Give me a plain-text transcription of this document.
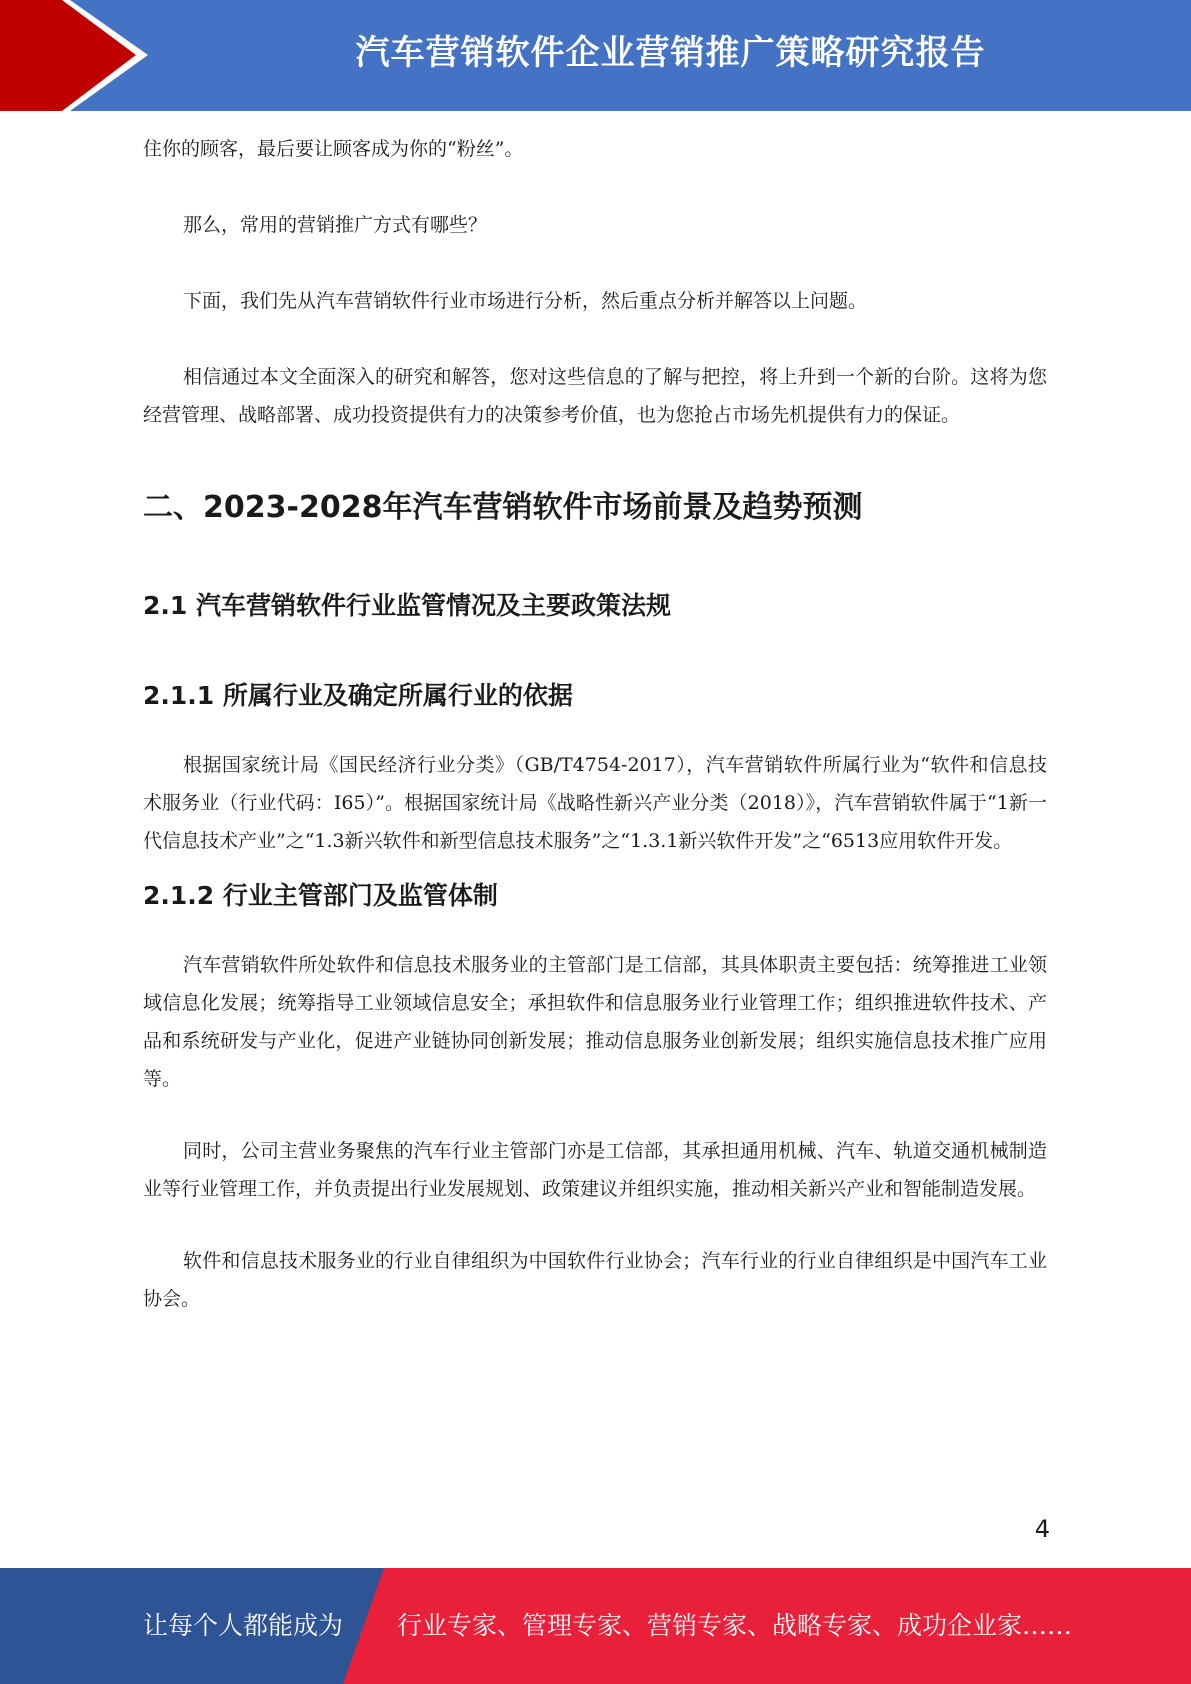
汽车营销软件企业营销推广策略研究报告

住你的顾客，最后要让顾客成为你的“粉丝”。

那么，常用的营销推广方式有哪些？

下面，我们先从汽车营销软件行业市场进行分析，然后重点分析并解答以上问题。

相信通过本文全面深入的研究和解答，您对这些信息的了解与把控，将上升到一个新的台阶。这将为您经营管理、战略部署、成功投资提供有力的决策参考价值，也为您抢占市场先机提供有力的保证。

二、2023-2028年汽车营销软件市场前景及趋势预测
2.1 汽车营销软件行业监管情况及主要政策法规
2.1.1 所属行业及确定所属行业的依据

根据国家统计局《国民经济行业分类》（GB/T4754-2017），汽车营销软件所属行业为“软件和信息技术服务业（行业代码：I65）”。根据国家统计局《战略性新兴产业分类（2018）》，汽车营销软件属于“1新一代信息技术产业”之“1.3新兴软件和新型信息技术服务”之“1.3.1新兴软件开发”之“6513应用软件开发。

2.1.2 行业主管部门及监管体制

汽车营销软件所处软件和信息技术服务业的主管部门是工信部，其具体职责主要包括：统筹推进工业领域信息化发展；统筹指导工业领域信息安全；承担软件和信息服务业行业管理工作；组织推进软件技术、产品和系统研发与产业化，促进产业链协同创新发展；推动信息服务业创新发展；组织实施信息技术推广应用等。

同时，公司主营业务聚焦的汽车行业主管部门亦是工信部，其承担通用机械、汽车、轨道交通机械制造业等行业管理工作，并负责提出行业发展规划、政策建议并组织实施，推动相关新兴产业和智能制造发展。

软件和信息技术服务业的行业自律组织为中国软件行业协会；汽车行业的行业自律组织是中国汽车工业协会。

4
让每个人都能成为 行业专家、管理专家、营销专家、战略专家、成功企业家……
